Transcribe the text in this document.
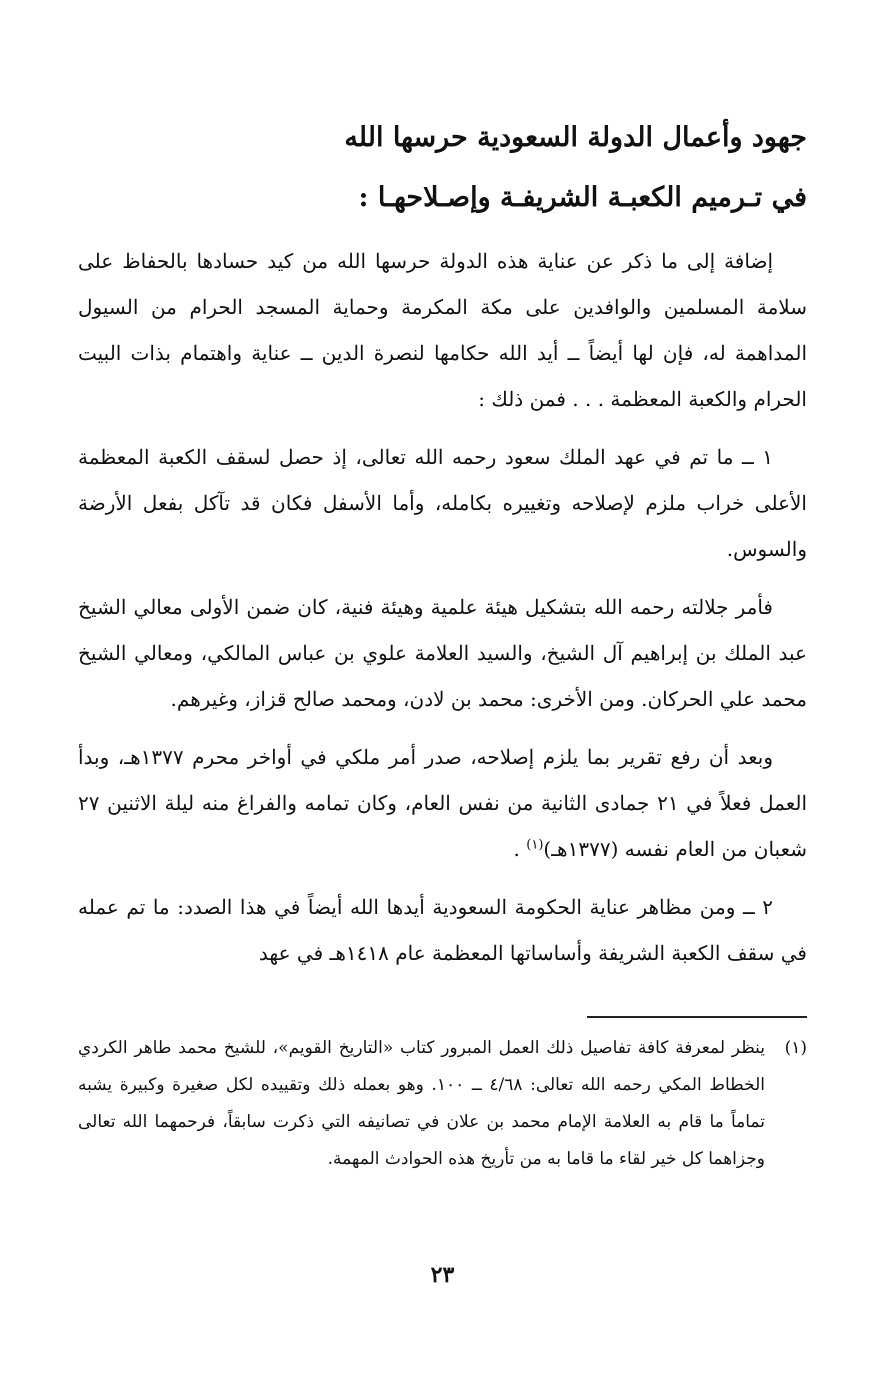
جهود وأعمال الدولة السعودية حرسها الله
في تـرميم الكعبـة الشريفـة وإصـلاحهـا :

إضافة إلى ما ذكر عن عناية هذه الدولة حرسها الله من كيد حسادها بالحفاظ على سلامة المسلمين والوافدين على مكة المكرمة وحماية المسجد الحرام من السيول المداهمة له، فإن لها أيضاً ــ أيد الله حكامها لنصرة الدين ــ عناية واهتمام بذات البيت الحرام والكعبة المعظمة . . . فمن ذلك :

١ ــ ما تم في عهد الملك سعود رحمه الله تعالى، إذ حصل لسقف الكعبة المعظمة الأعلى خراب ملزم لإصلاحه وتغييره بكامله، وأما الأسفل فكان قد تآكل بفعل الأرضة والسوس.

فأمر جلالته رحمه الله بتشكيل هيئة علمية وهيئة فنية، كان ضمن الأولى معالي الشيخ عبد الملك بن إبراهيم آل الشيخ، والسيد العلامة علوي بن عباس المالكي، ومعالي الشيخ محمد علي الحركان. ومن الأخرى: محمد بن لادن، ومحمد صالح قزاز، وغيرهم.

وبعد أن رفع تقرير بما يلزم إصلاحه، صدر أمر ملكي في أواخر محرم ١٣٧٧هـ، وبدأ العمل فعلاً في ٢١ جمادى الثانية من نفس العام، وكان تمامه والفراغ منه ليلة الاثنين ٢٧ شعبان من العام نفسه (١٣٧٧هـ)$^{(١)}$ .

٢ ــ ومن مظاهر عناية الحكومة السعودية أيدها الله أيضاً في هذا الصدد: ما تم عمله في سقف الكعبة الشريفة وأساساتها المعظمة عام ١٤١٨هـ في عهد

(١)
ينظر لمعرفة كافة تفاصيل ذلك العمل المبرور كتاب «التاريخ القويم»، للشيخ محمد طاهر الكردي الخطاط المكي رحمه الله تعالى: ٤/٦٨ ــ ١٠٠. وهو بعمله ذلك وتقييده لكل صغيرة وكبيرة يشبه تماماً ما قام به العلامة الإمام محمد بن علان في تصانيفه التي ذكرت سابقاً، فرحمهما الله تعالى وجزاهما كل خير لقاء ما قاما به من تأريخ هذه الحوادث المهمة.
٢٣
